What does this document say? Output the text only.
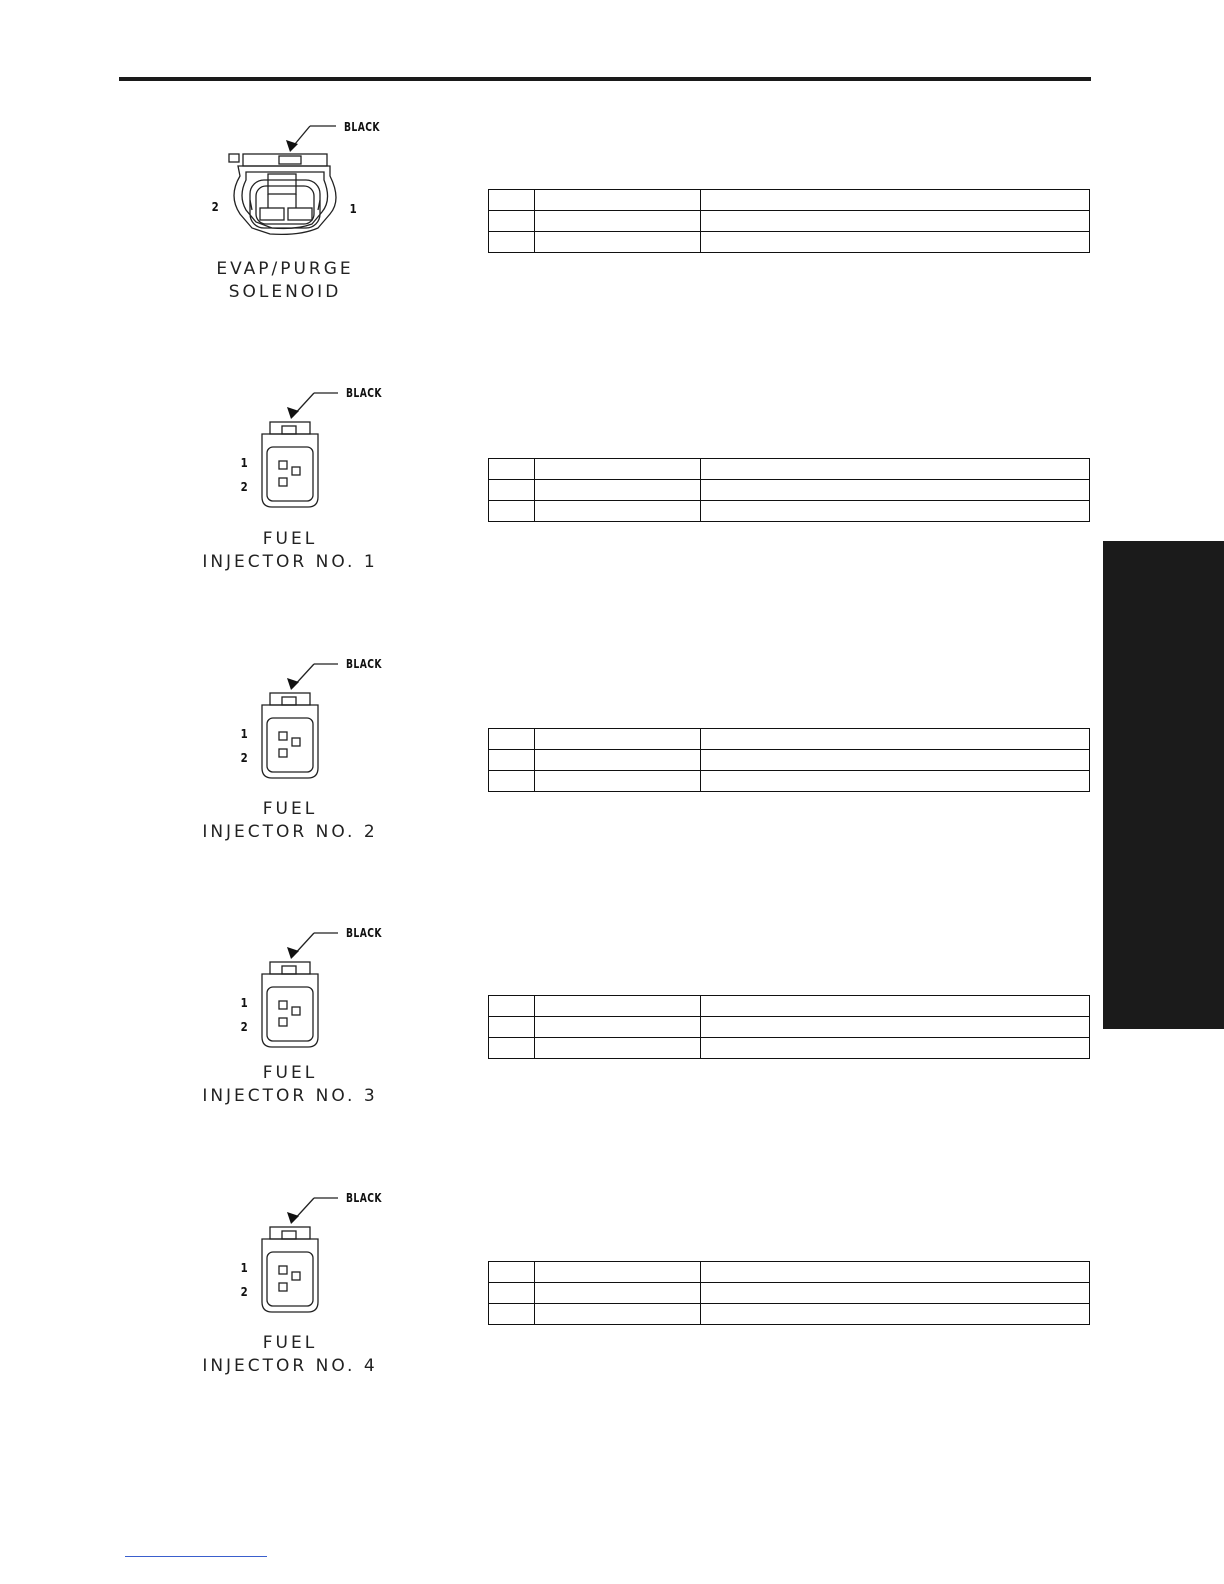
BLACK
2	1
EVAP/PURGE
SOLENOID

BLACK
1
2
FUEL
INJECTOR NO. 1

BLACK
1
2
FUEL
INJECTOR NO. 2

BLACK
1
2
FUEL
INJECTOR NO. 3

BLACK
1
2
FUEL
INJECTOR NO. 4
